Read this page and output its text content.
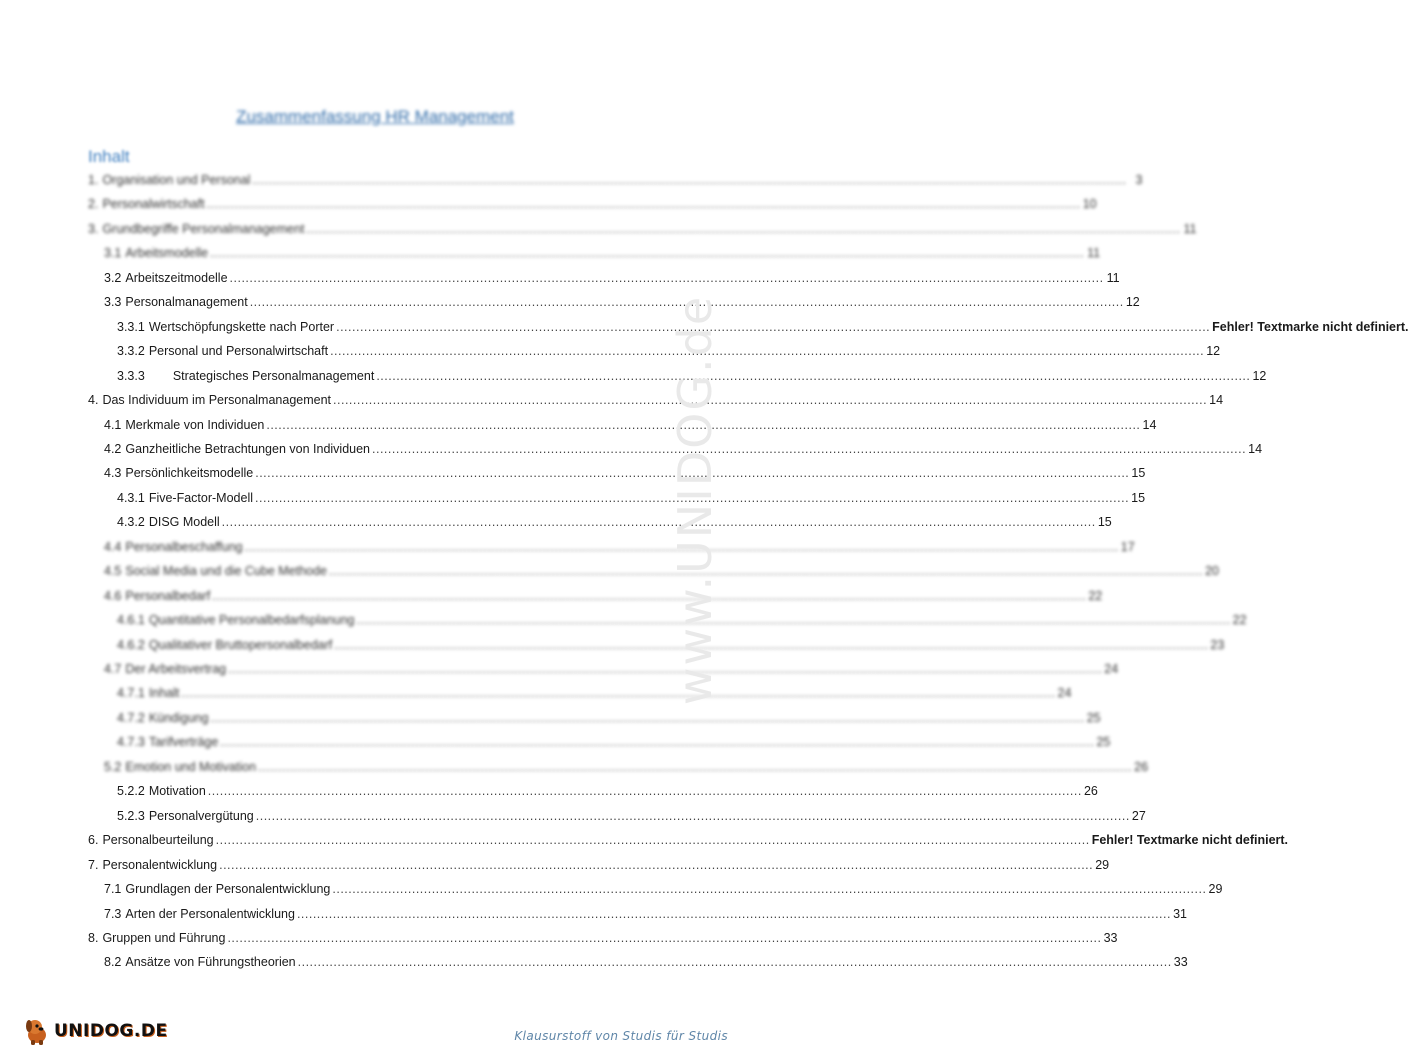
Zusammenfassung HR Management
Inhalt
1. Organisation und Personal ............................................................................................................................................................................................................................ 3
2. Personalwirtschaft ............................................................................................................................................................................................................................ 10
3. Grundbegriffe Personalmanagement ............................................................................................................................................................................................................................ 11
3.1 Arbeitsmodelle ............................................................................................................................................................................................................................ 11
3.2 Arbeitszeitmodelle ............................................................................................................................................................................................................................ 11
3.3 Personalmanagement ............................................................................................................................................................................................................................ 12
3.3.1 Wertschöpfungskette nach Porter ............................................................................................................................................................................................................................ Fehler! Textmarke nicht definiert.
3.3.2 Personal und Personalwirtschaft ............................................................................................................................................................................................................................ 12
3.3.3 Strategisches Personalmanagement ............................................................................................................................................................................................................................ 12
4. Das Individuum im Personalmanagement ............................................................................................................................................................................................................................ 14
4.1 Merkmale von Individuen ............................................................................................................................................................................................................................ 14
4.2 Ganzheitliche Betrachtungen von Individuen ............................................................................................................................................................................................................................ 14
4.3 Persönlichkeitsmodelle ............................................................................................................................................................................................................................ 15
4.3.1 Five-Factor-Modell ............................................................................................................................................................................................................................ 15
4.3.2 DISG Modell ............................................................................................................................................................................................................................ 15
4.4 Personalbeschaffung ............................................................................................................................................................................................................................ 17
4.5 Social Media und die Cube Methode ............................................................................................................................................................................................................................ 20
4.6 Personalbedarf ............................................................................................................................................................................................................................ 22
4.6.1 Quantitative Personalbedarfsplanung ............................................................................................................................................................................................................................ 22
4.6.2 Qualitativer Bruttopersonalbedarf ............................................................................................................................................................................................................................ 23
4.7 Der Arbeitsvertrag ............................................................................................................................................................................................................................ 24
4.7.1 Inhalt ............................................................................................................................................................................................................................ 24
4.7.2 Kündigung ............................................................................................................................................................................................................................ 25
4.7.3 Tarifverträge ............................................................................................................................................................................................................................ 25
5.2 Emotion und Motivation ............................................................................................................................................................................................................................ 26
5.2.2 Motivation ............................................................................................................................................................................................................................ 26
5.2.3 Personalvergütung ............................................................................................................................................................................................................................ 27
6. Personalbeurteilung ............................................................................................................................................................................................................................ Fehler! Textmarke nicht definiert.
7. Personalentwicklung ............................................................................................................................................................................................................................ 29
7.1 Grundlagen der Personalentwicklung ............................................................................................................................................................................................................................ 29
7.3 Arten der Personalentwicklung ............................................................................................................................................................................................................................ 31
8. Gruppen und Führung ............................................................................................................................................................................................................................ 33
8.2 Ansätze von Führungstheorien ............................................................................................................................................................................................................................ 33
www.UNIDOG.de
UNIDOG.DE	Klausurstoff von Studis für Studis
